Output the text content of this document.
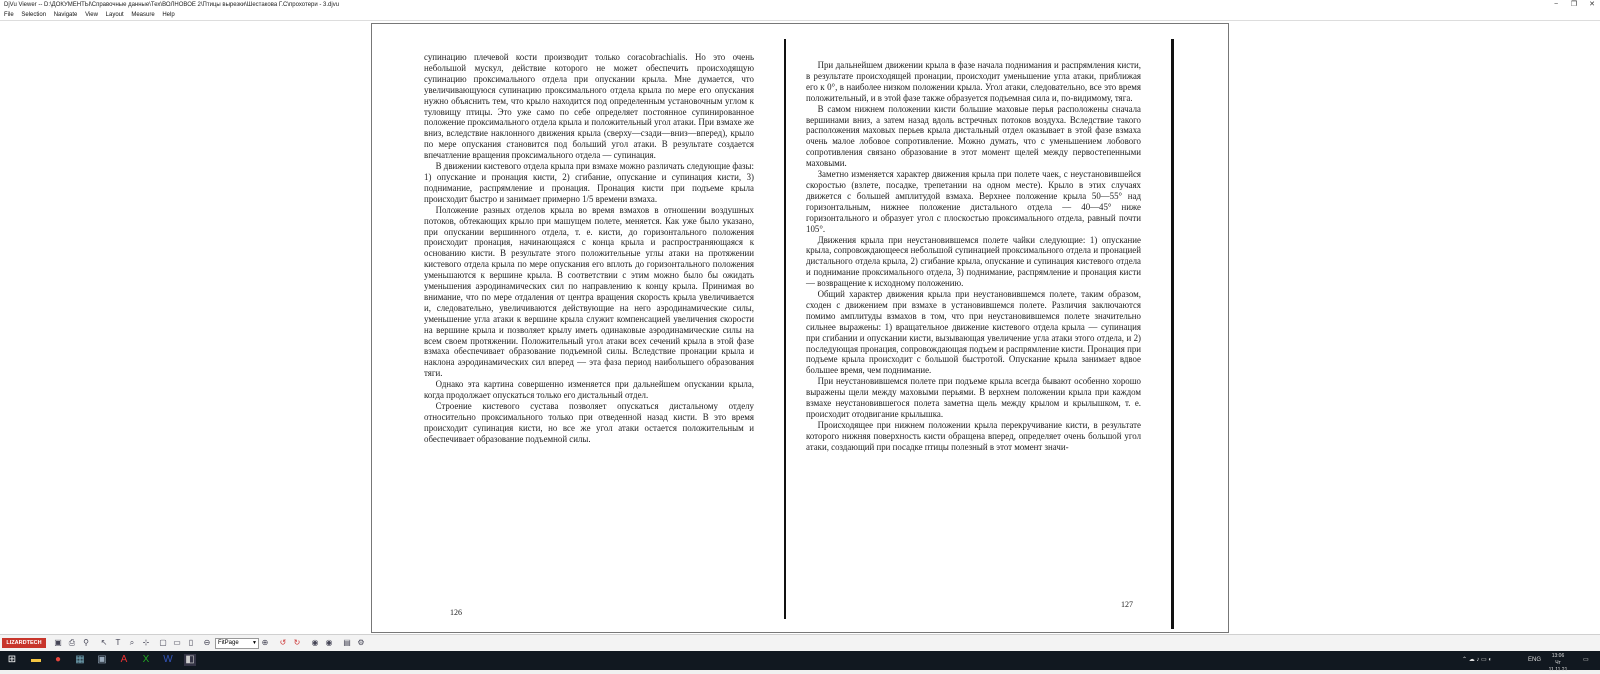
DjVu Viewer -- D:\ДОКУМЕНТЫ\Справочные данные\Тех\ВОЛНОВОЕ 2\Птицы вырезки\Шестакова Г.С\прохотери - 3.djvu	−	❐	✕
File Selection Navigate View Layout Measure Help

супинацию плечевой кости производит только coracobrachialis. Но это очень небольшой мускул, действие которого не может обеспечить происходящую супинацию проксимального отдела при опускании крыла. Мне думается, что увеличивающуюся супинацию проксимального отдела крыла по мере его опускания нужно объяснить тем, что крыло находится под определенным установочным углом к туловищу птицы. Это уже само по себе определяет постоянное супинированное положение проксимального отдела крыла и положительный угол атаки. При взмахе же вниз, вследствие наклонного движения крыла (сверху—сзади—вниз—вперед), крыло по мере опускания становится под больший угол атаки. В результате создается впечатление вращения проксимального отдела — супинация.

В движении кистевого отдела крыла при взмахе можно различать следующие фазы: 1) опускание и пронация кисти, 2) сгибание, опускание и супинация кисти, 3) поднимание, распрямление и пронация. Пронация кисти при подъеме крыла происходит быстро и занимает примерно 1/5 времени взмаха.

Положение разных отделов крыла во время взмахов в отношении воздушных потоков, обтекающих крыло при машущем полете, меняется. Как уже было указано, при опускании вершинного отдела, т. е. кисти, до горизонтального положения происходит пронация, начинающаяся с конца крыла и распространяющаяся к основанию кисти. В результате этого положительные углы атаки на протяжении кистевого отдела крыла по мере опускания его вплоть до горизонтального положения уменьшаются к вершине крыла. В соответствии с этим можно было бы ожидать уменьшения аэродинамических сил по направлению к концу крыла. Принимая во внимание, что по мере отдаления от центра вращения скорость крыла увеличивается и, следовательно, увеличиваются действующие на него аэродинамические силы, уменьшение угла атаки к вершине крыла служит компенсацией увеличения скорости на вершине крыла и позволяет крылу иметь одинаковые аэродинамические силы на всем своем протяжении. Положительный угол атаки всех сечений крыла в этой фазе взмаха обеспечивает образование подъемной силы. Вследствие пронации крыла и наклона аэродинамических сил вперед — эта фаза период наибольшего образования тяги.

Однако эта картина совершенно изменяется при дальнейшем опускании крыла, когда продолжает опускаться только его дистальный отдел.

Строение кистевого сустава позволяет опускаться дистальному отделу относительно проксимального только при отведенной назад кисти. В это время происходит супинация кисти, но все же угол атаки остается положительным и обеспечивает образование подъемной силы.

126

При дальнейшем движении крыла в фазе начала поднимания и распрямления кисти, в результате происходящей пронации, происходит уменьшение угла атаки, приближая его к 0°, в наиболее низком положении крыла. Угол атаки, следовательно, все это время положительный, и в этой фазе также образуется подъемная сила и, по-видимому, тяга.

В самом нижнем положении кисти большие маховые перья расположены сначала вершинами вниз, а затем назад вдоль встречных потоков воздуха. Вследствие такого расположения маховых перьев крыла дистальный отдел оказывает в этой фазе взмаха очень малое лобовое сопротивление. Можно думать, что с уменьшением лобового сопротивления связано образование в этот момент щелей между первостепенными маховыми.

Заметно изменяется характер движения крыла при полете чаек, с неустановившейся скоростью (взлете, посадке, трепетании на одном месте). Крыло в этих случаях движется с большей амплитудой взмаха. Верхнее положение крыла 50—55° над горизонтальным, нижнее положение дистального отдела — 40—45° ниже горизонтального и образует угол с плоскостью проксимального отдела, равный почти 105°.

Движения крыла при неустановившемся полете чайки следующие: 1) опускание крыла, сопровождающееся небольшой супинацией проксимального отдела и пронацией дистального отдела крыла, 2) сгибание крыла, опускание и супинация кистевого отдела и поднимание проксимального отдела, 3) поднимание, распрямление и пронация кисти — возвращение к исходному положению.

Общий характер движения крыла при неустановившемся полете, таким образом, сходен с движением при взмахе в установившемся полете. Различия заключаются помимо амплитуды взмахов в том, что при неустановившемся полете значительно сильнее выражены: 1) вращательное движение кистевого отдела крыла — супинация при сгибании и опускании кисти, вызывающая увеличение угла атаки этого отдела, и 2) последующая пронация, сопровождающая подъем и распрямление кисти. Пронация при подъеме крыла происходит с большой быстротой. Опускание крыла занимает вдвое большее время, чем поднимание.

При неустановившемся полете при подъеме крыла всегда бывают особенно хорошо выражены щели между маховыми перьями. В верхнем положении крыла при каждом взмахе неустановившегося полета заметна щель между крылом и крылышком, т. е. происходит отодвигание крылышка.

Происходящее при нижнем положении крыла перекручивание кисти, в результате которого нижняя поверхность кисти обращена вперед, определяет очень большой угол атаки, создающий при посадке птицы полезный в этот момент значи-

127
LIZARDTECH	▣ ⎙ ⚲ ↖	T	⌕	⊹ ▢ ▭	▯	⊖	FitPage	▼ ⊕ ↺ ↻ ◉ ◉ ▤ ⚙
⊞ ▬ ● ▦ ▣ A X W ◧	⌃ ☁ ♪ ▭ ◐	ENG
13:06
Чт 11.11.21
▭
